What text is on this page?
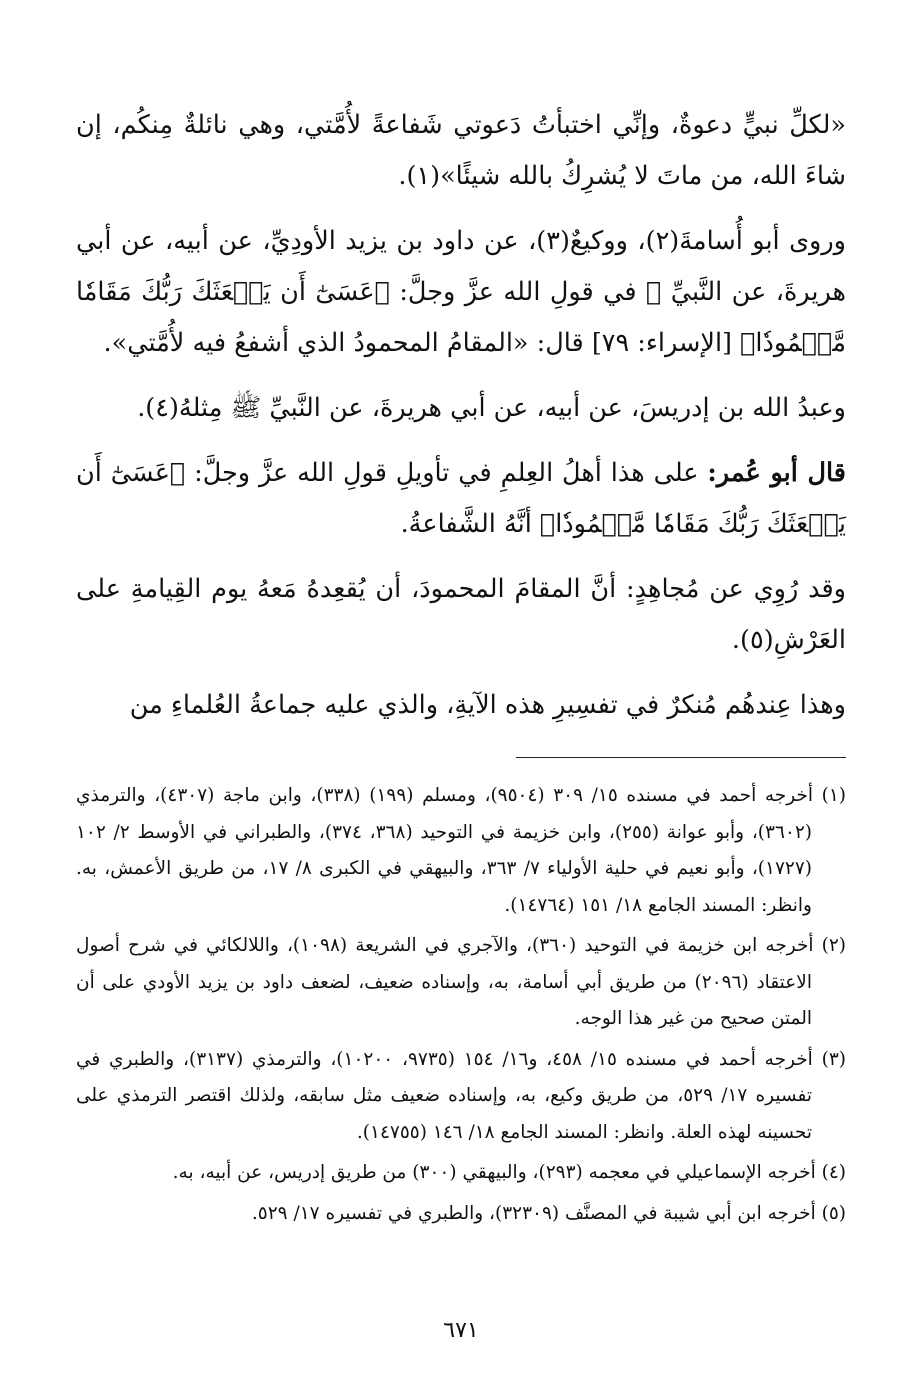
«لكلِّ نبيٍّ دعوةٌ، وإنِّي اختبأتُ دَعوتي شَفاعةً لأُمَّتي، وهي نائلةٌ مِنكُم، إن شاءَ الله، من ماتَ لا يُشرِكُ بالله شيئًا»(١).

وروى أبو أُسامةَ(٢)، ووكيعٌ(٣)، عن داود بن يزيد الأودِيِّ، عن أبيه، عن أبي هريرةَ، عن النَّبيِّ ﷺ في قولِ الله عزَّ وجلَّ: ﴿عَسَىٰٓ أَن يَبۡعَثَكَ رَبُّكَ مَقَامٗا مَّحۡمُودٗا﴾ [الإسراء: ٧٩] قال: «المقامُ المحمودُ الذي أشفعُ فيه لأُمَّتي».

وعبدُ الله بن إدريسَ، عن أبيه، عن أبي هريرةَ، عن النَّبيِّ ﷺ مِثلهُ(٤).

قال أبو عُمر: على هذا أهلُ العِلمِ في تأويلِ قولِ الله عزَّ وجلَّ: ﴿عَسَىٰٓ أَن يَبۡعَثَكَ رَبُّكَ مَقَامٗا مَّحۡمُودٗا﴾ أنَّهُ الشَّفاعةُ.

وقد رُوِي عن مُجاهِدٍ: أنَّ المقامَ المحمودَ، أن يُقعِدهُ مَعهُ يوم القِيامةِ على العَرْشِ(٥).

وهذا عِندهُم مُنكرٌ في تفسِيرِ هذه الآيةِ، والذي عليه جماعةُ العُلماءِ من

(١) أخرجه أحمد في مسنده ١٥/ ٣٠٩ (٩٥٠٤)، ومسلم (١٩٩) (٣٣٨)، وابن ماجة (٤٣٠٧)، والترمذي (٣٦٠٢)، وأبو عوانة (٢٥٥)، وابن خزيمة في التوحيد (٣٦٨، ٣٧٤)، والطبراني في الأوسط ٢/ ١٠٢ (١٧٢٧)، وأبو نعيم في حلية الأولياء ٧/ ٣٦٣، والبيهقي في الكبرى ٨/ ١٧، من طريق الأعمش، به. وانظر: المسند الجامع ١٨/ ١٥١ (١٤٧٦٤).

(٢) أخرجه ابن خزيمة في التوحيد (٣٦٠)، والآجري في الشريعة (١٠٩٨)، واللالكائي في شرح أصول الاعتقاد (٢٠٩٦) من طريق أبي أسامة، به، وإسناده ضعيف، لضعف داود بن يزيد الأودي على أن المتن صحيح من غير هذا الوجه.

(٣) أخرجه أحمد في مسنده ١٥/ ٤٥٨، و١٦/ ١٥٤ (٩٧٣٥، ١٠٢٠٠)، والترمذي (٣١٣٧)، والطبري في تفسيره ١٧/ ٥٢٩، من طريق وكيع، به، وإسناده ضعيف مثل سابقه، ولذلك اقتصر الترمذي على تحسينه لهذه العلة. وانظر: المسند الجامع ١٨/ ١٤٦ (١٤٧٥٥).

(٤) أخرجه الإسماعيلي في معجمه (٢٩٣)، والبيهقي (٣٠٠) من طريق إدريس، عن أبيه، به.

(٥) أخرجه ابن أبي شيبة في المصنَّف (٣٢٣٠٩)، والطبري في تفسيره ١٧/ ٥٢٩.

٦٧١
